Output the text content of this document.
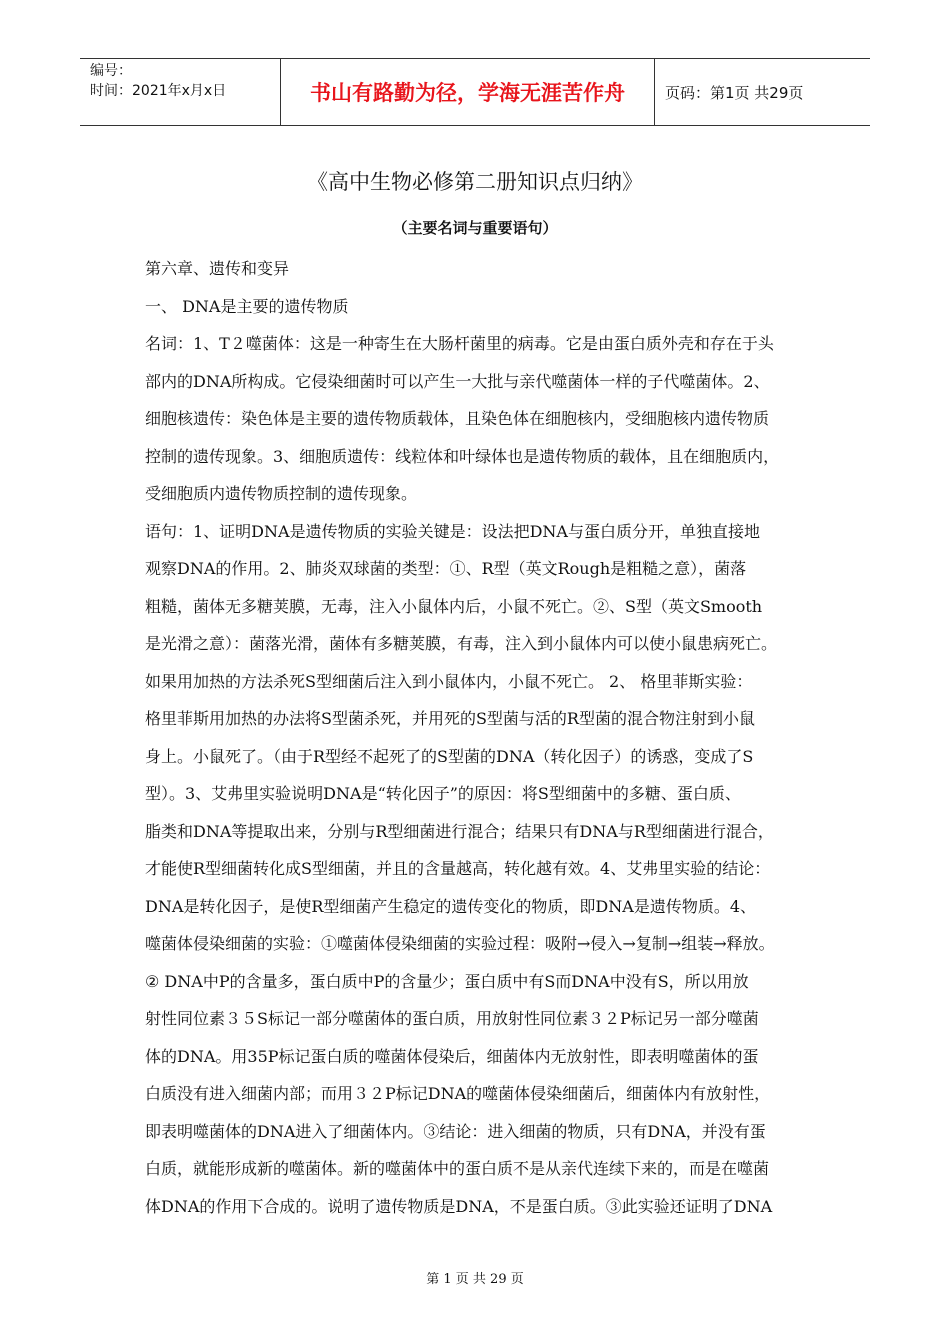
编号：
时间：2021年x月x日	书山有路勤为径，学海无涯苦作舟	页码：第1页 共29页
《高中生物必修第二册知识点归纳》
（主要名词与重要语句）
第六章、遗传和变异
一、 DNA是主要的遗传物质
名词：1、T２噬菌体：这是一种寄生在大肠杆菌里的病毒。它是由蛋白质外壳和存在于头
部内的DNA所构成。它侵染细菌时可以产生一大批与亲代噬菌体一样的子代噬菌体。2、
细胞核遗传：染色体是主要的遗传物质载体，且染色体在细胞核内，受细胞核内遗传物质
控制的遗传现象。3、细胞质遗传：线粒体和叶绿体也是遗传物质的载体，且在细胞质内，
受细胞质内遗传物质控制的遗传现象。
语句：1、证明DNA是遗传物质的实验关键是：设法把DNA与蛋白质分开，单独直接地
观察DNA的作用。2、肺炎双球菌的类型：①、R型（英文Rough是粗糙之意），菌落
粗糙，菌体无多糖荚膜，无毒，注入小鼠体内后，小鼠不死亡。②、S型（英文Smooth
是光滑之意）：菌落光滑，菌体有多糖荚膜，有毒，注入到小鼠体内可以使小鼠患病死亡。
如果用加热的方法杀死S型细菌后注入到小鼠体内，小鼠不死亡。 2、 格里菲斯实验：
格里菲斯用加热的办法将S型菌杀死，并用死的S型菌与活的R型菌的混合物注射到小鼠
身上。小鼠死了。（由于R型经不起死了的S型菌的DNA（转化因子）的诱惑，变成了S
型）。3、艾弗里实验说明DNA是“转化因子”的原因：将S型细菌中的多糖、蛋白质、
脂类和DNA等提取出来，分别与R型细菌进行混合；结果只有DNA与R型细菌进行混合，
才能使R型细菌转化成S型细菌，并且的含量越高，转化越有效。4、艾弗里实验的结论：
DNA是转化因子，是使R型细菌产生稳定的遗传变化的物质，即DNA是遗传物质。4、
噬菌体侵染细菌的实验：①噬菌体侵染细菌的实验过程：吸附→侵入→复制→组装→释放。
② DNA中P的含量多，蛋白质中P的含量少；蛋白质中有S而DNA中没有S，所以用放
射性同位素３５S标记一部分噬菌体的蛋白质，用放射性同位素３２P标记另一部分噬菌
体的DNA。用35P标记蛋白质的噬菌体侵染后，细菌体内无放射性，即表明噬菌体的蛋
白质没有进入细菌内部；而用３２P标记DNA的噬菌体侵染细菌后，细菌体内有放射性，
即表明噬菌体的DNA进入了细菌体内。③结论：进入细菌的物质，只有DNA，并没有蛋
白质，就能形成新的噬菌体。新的噬菌体中的蛋白质不是从亲代连续下来的，而是在噬菌
体DNA的作用下合成的。说明了遗传物质是DNA，不是蛋白质。③此实验还证明了DNA
第 1 页 共 29 页
